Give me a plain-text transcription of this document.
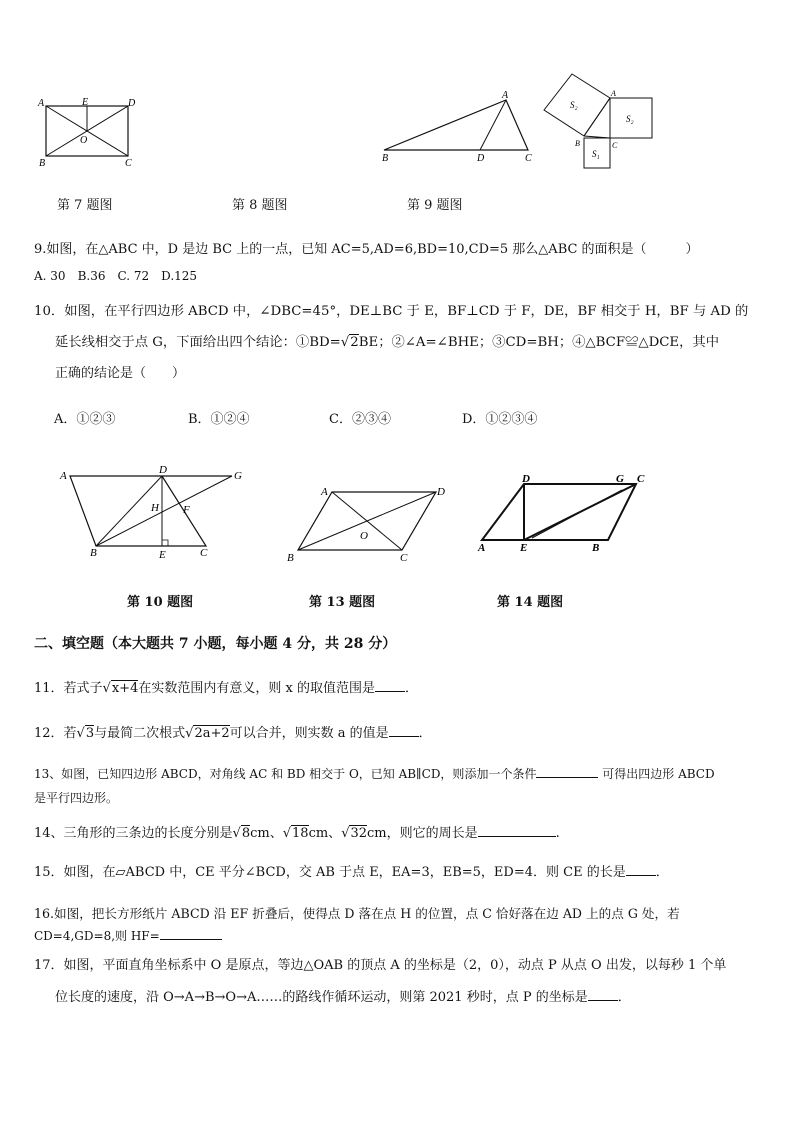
A	E	D
O
B	C
A
B	D	C
S₂
S₂
S₁
A
B	C
第 7 题图	第 8 题图	第 9 题图
9.如图，在△ABC 中，D 是边 BC 上的一点，已知 AC=5,AD=6,BD=10,CD=5 那么△ABC 的面积是（　　　）
A. 30　B.36　C. 72　D.125
10．如图，在平行四边形 ABCD 中，∠DBC=45°，DE⊥BC 于 E，BF⊥CD 于 F，DE，BF 相交于 H，BF 与 AD 的
延长线相交于点 G，下面给出四个结论：①BD=√2BE；②∠A=∠BHE；③CD=BH；④△BCF≌△DCE，其中
正确的结论是（　　）
A．①②③	B．①②④	C．②③④	D．①②③④
A	D	G
H F
B	E	C
A	D
O
B	C
D	G C
A	E	B
第 10 题图	第 13 题图	第 14 题图
二、填空题（本大题共 7 小题，每小题 4 分，共 28 分）
11．若式子√x+4在实数范围内有意义，则 x 的取值范围是 ．
12．若√3与最简二次根式√2a+2可以合并，则实数 a 的值是 ．
13、如图，已知四边形 ABCD，对角线 AC 和 BD 相交于 O，已知 AB∥CD，则添加一个条件	可得出四边形 ABCD
是平行四边形。
14、三角形的三条边的长度分别是√8cm、√18cm、√32cm，则它的周长是	.
15．如图，在▱ABCD 中，CE 平分∠BCD，交 AB 于点 E，EA=3，EB=5，ED=4．则 CE 的长是 ．
16.如图，把长方形纸片 ABCD 沿 EF 折叠后，使得点 D 落在点 H 的位置，点 C 恰好落在边 AD 上的点 G 处，若
CD=4,GD=8,则 HF=
17．如图，平面直角坐标系中 O 是原点，等边△OAB 的顶点 A 的坐标是（2，0），动点 P 从点 O 出发，以每秒 1 个单
位长度的速度，沿 O→A→B→O→A……的路线作循环运动，则第 2021 秒时，点 P 的坐标是 ．
